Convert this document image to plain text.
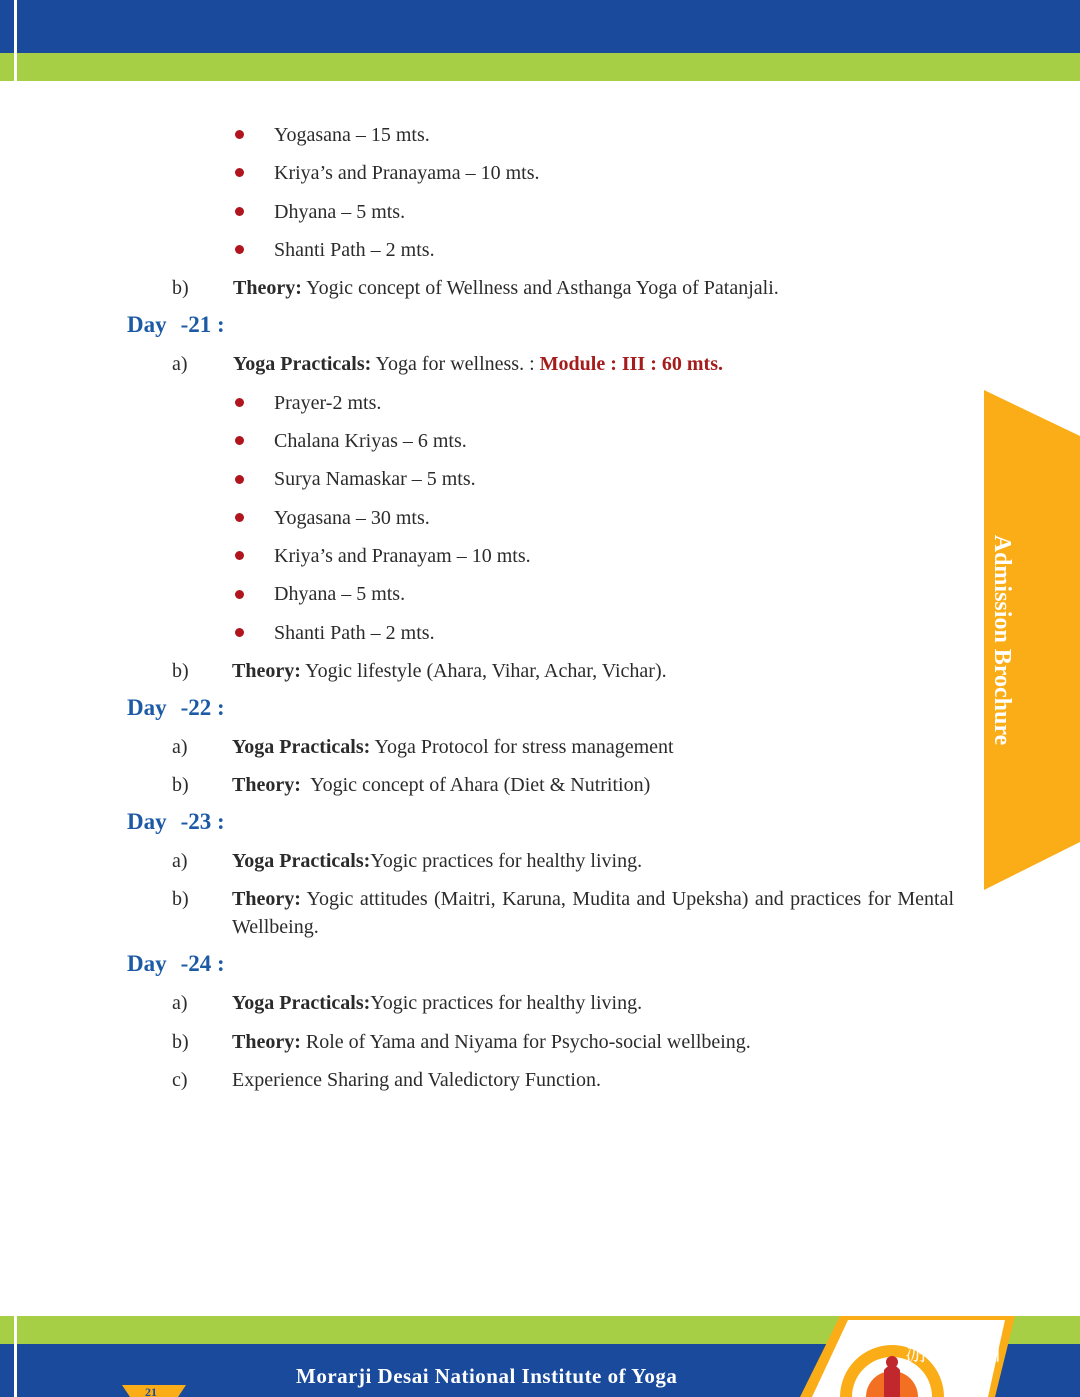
Admission Brochure
FCYScW
Yogasana – 15 mts.
Kriya’s and Pranayama – 10 mts.
Dhyana – 5 mts.
Shanti Path – 2 mts.
b) Theory: Yogic concept of Wellness and Asthanga Yoga of Patanjali.
Day -21 :
a) Yoga Practicals: Yoga for wellness. : Module : III : 60 mts.
Prayer-2 mts.
Chalana Kriyas – 6 mts.
Surya Namaskar – 5 mts.
Yogasana – 30 mts.
Kriya’s and Pranayam – 10 mts.
Dhyana – 5 mts.
Shanti Path – 2 mts.
b) Theory: Yogic lifestyle (Ahara, Vihar, Achar, Vichar).
Day -22 :
a) Yoga Practicals: Yoga Protocol for stress management
b) Theory:  Yogic concept of Ahara (Diet & Nutrition)
Day -23 :
a) Yoga Practicals:Yogic practices for healthy living.
b) Theory: Yogic attitudes (Maitri, Karuna, Mudita and Upeksha) and practices for Mental Wellbeing.
Day -24 :
a) Yoga Practicals:Yogic practices for healthy living.
b) Theory: Role of Yama and Niyama for Psycho-social wellbeing.
c) Experience Sharing and Valedictory Function.
21
Morarji Desai National Institute of Yoga
游学列国
